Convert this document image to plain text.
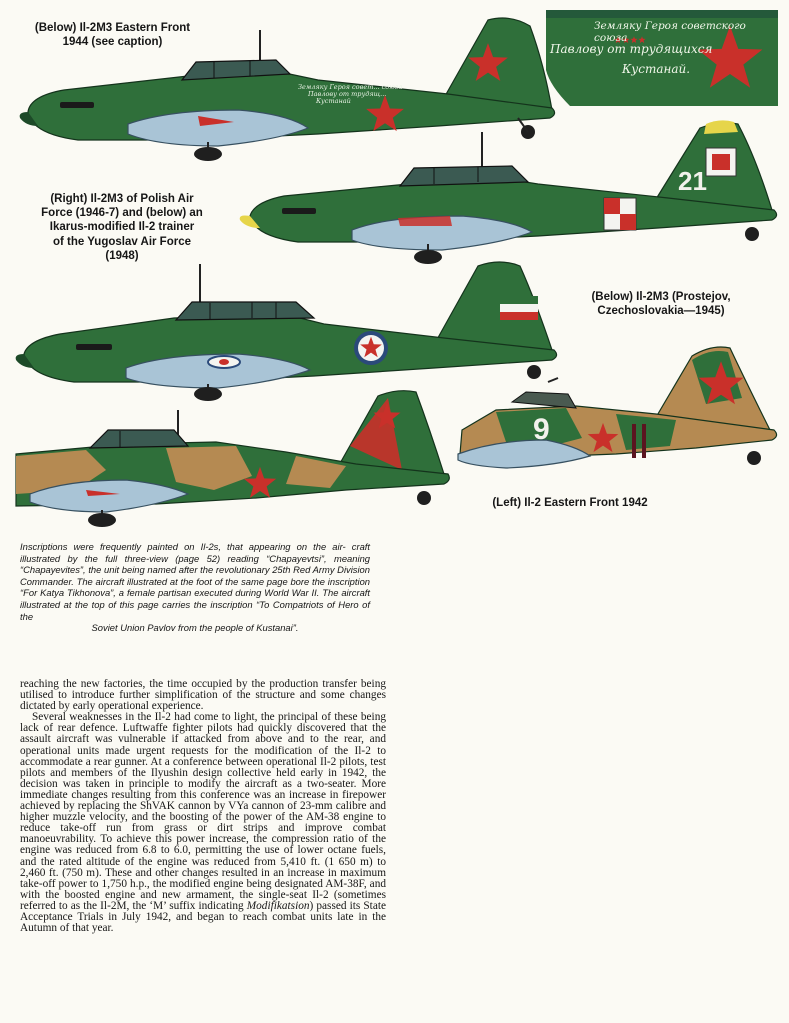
(Below) Il-2M3 Eastern Front
1944 (see caption)
Земляку Героя совет... союза
Павлову от трудящ...
Кустанай
Земляку Героя советского союза
Павлову от трудящихся
Кустанай.
(Right) Il-2M3 of Polish Air
Force (1946-7) and (below) an
Ikarus-modified Il-2 trainer
of the Yugoslav Air Force
(1948)
21
(Below) Il-2M3 (Prostejov,
Czechoslovakia—1945)
9
(Left) Il-2 Eastern Front 1942
Inscriptions were frequently painted on Il-2s, that appearing on the air- craft illustrated by the full three-view (page 52) reading “Chapayevtsi”, meaning “Chapayevites”, the unit being named after the revolutionary 25th Red Army Division Commander. The aircraft illustrated at the foot of the same page bore the inscription “For Katya Tikhonova”, a female partisan executed during World War II. The aircraft illustrated at the top of this page carries the inscription “To Compatriots of Hero of the
Soviet Union Pavlov from the people of Kustanai”.

reaching the new factories, the time occupied by the production transfer being utilised to introduce further simplification of the structure and some changes dictated by early operational experience.

Several weaknesses in the Il-2 had come to light, the principal of these being lack of rear defence. Luftwaffe fighter pilots had quickly discovered that the assault aircraft was vulnerable if attacked from above and to the rear, and operational units made urgent requests for the modification of the Il-2 to accommodate a rear gunner. At a conference between operational Il-2 pilots, test pilots and members of the Ilyushin design collective held early in 1942, the decision was taken in principle to modify the aircraft as a two-seater. More immediate changes resulting from this conference was an increase in firepower achieved by replacing the ShVAK cannon by VYa cannon of 23-mm calibre and higher muzzle velocity, and the boosting of the power of the AM-38 engine to reduce take-off run from grass or dirt strips and improve combat manoeuvrability. To achieve this power increase, the compression ratio of the engine was reduced from 6.8 to 6.0, permitting the use of lower octane fuels, and the rated altitude of the engine was reduced from 5,410 ft. (1 650 m) to 2,460 ft. (750 m). These and other changes resulted in an increase in maximum take-off power to 1,750 h.p., the modified engine being designated AM-38F, and with the boosted engine and new armament, the single-seat Il-2 (sometimes referred to as the Il-2M, the ‘M’ suffix indicating Modifikatsion) passed its State Acceptance Trials in July 1942, and began to reach combat units late in the Autumn of that year.
